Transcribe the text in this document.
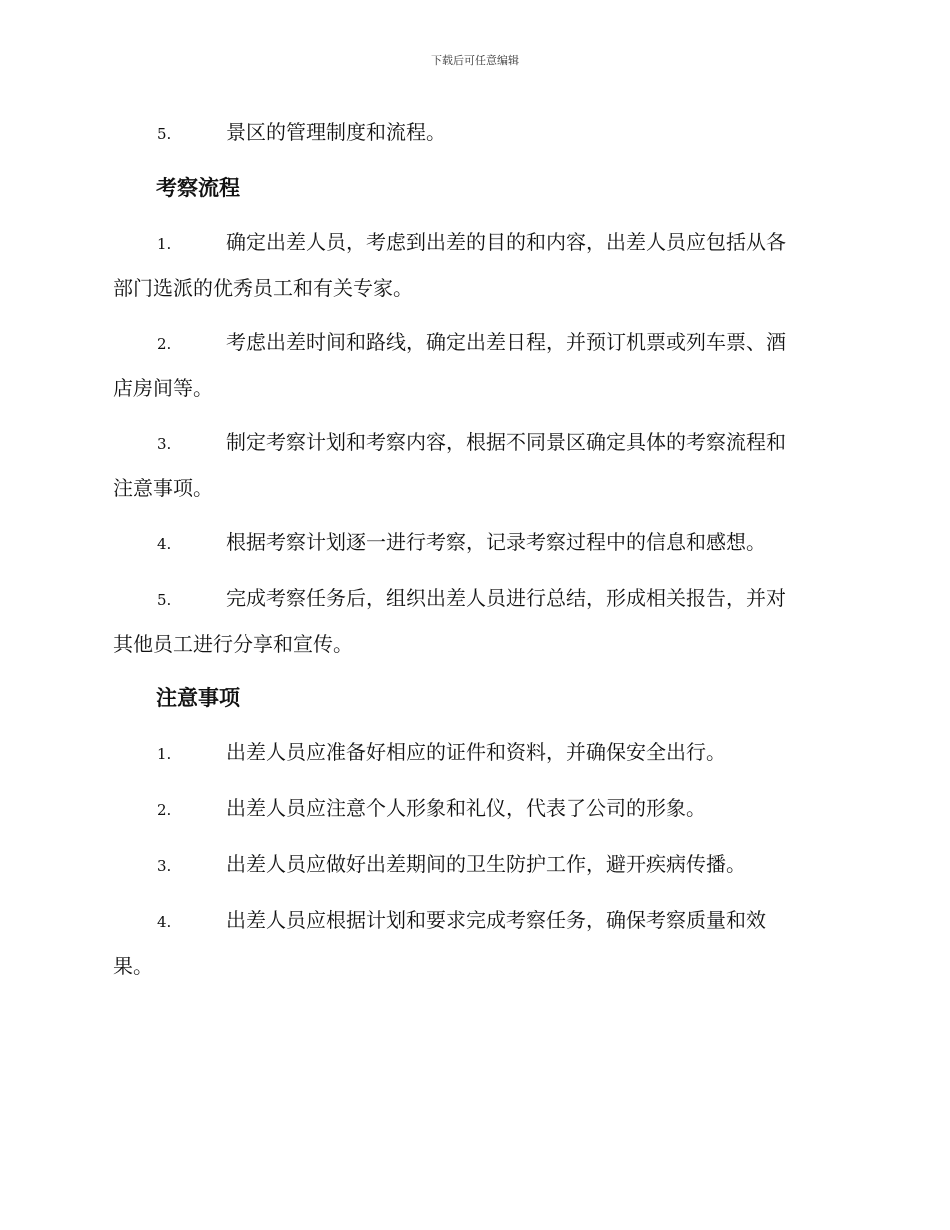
下载后可任意编辑
5.	景区的管理制度和流程。
考察流程
1.	确定出差人员，考虑到出差的目的和内容，出差人员应包括从各
部门选派的优秀员工和有关专家。
2.	考虑出差时间和路线，确定出差日程，并预订机票或列车票、酒
店房间等。
3.	制定考察计划和考察内容，根据不同景区确定具体的考察流程和
注意事项。
4.	根据考察计划逐一进行考察，记录考察过程中的信息和感想。
5.	完成考察任务后，组织出差人员进行总结，形成相关报告，并对
其他员工进行分享和宣传。
注意事项
1.	出差人员应准备好相应的证件和资料，并确保安全出行。
2.	出差人员应注意个人形象和礼仪，代表了公司的形象。
3.	出差人员应做好出差期间的卫生防护工作，避开疾病传播。
4.	出差人员应根据计划和要求完成考察任务，确保考察质量和效
果。
